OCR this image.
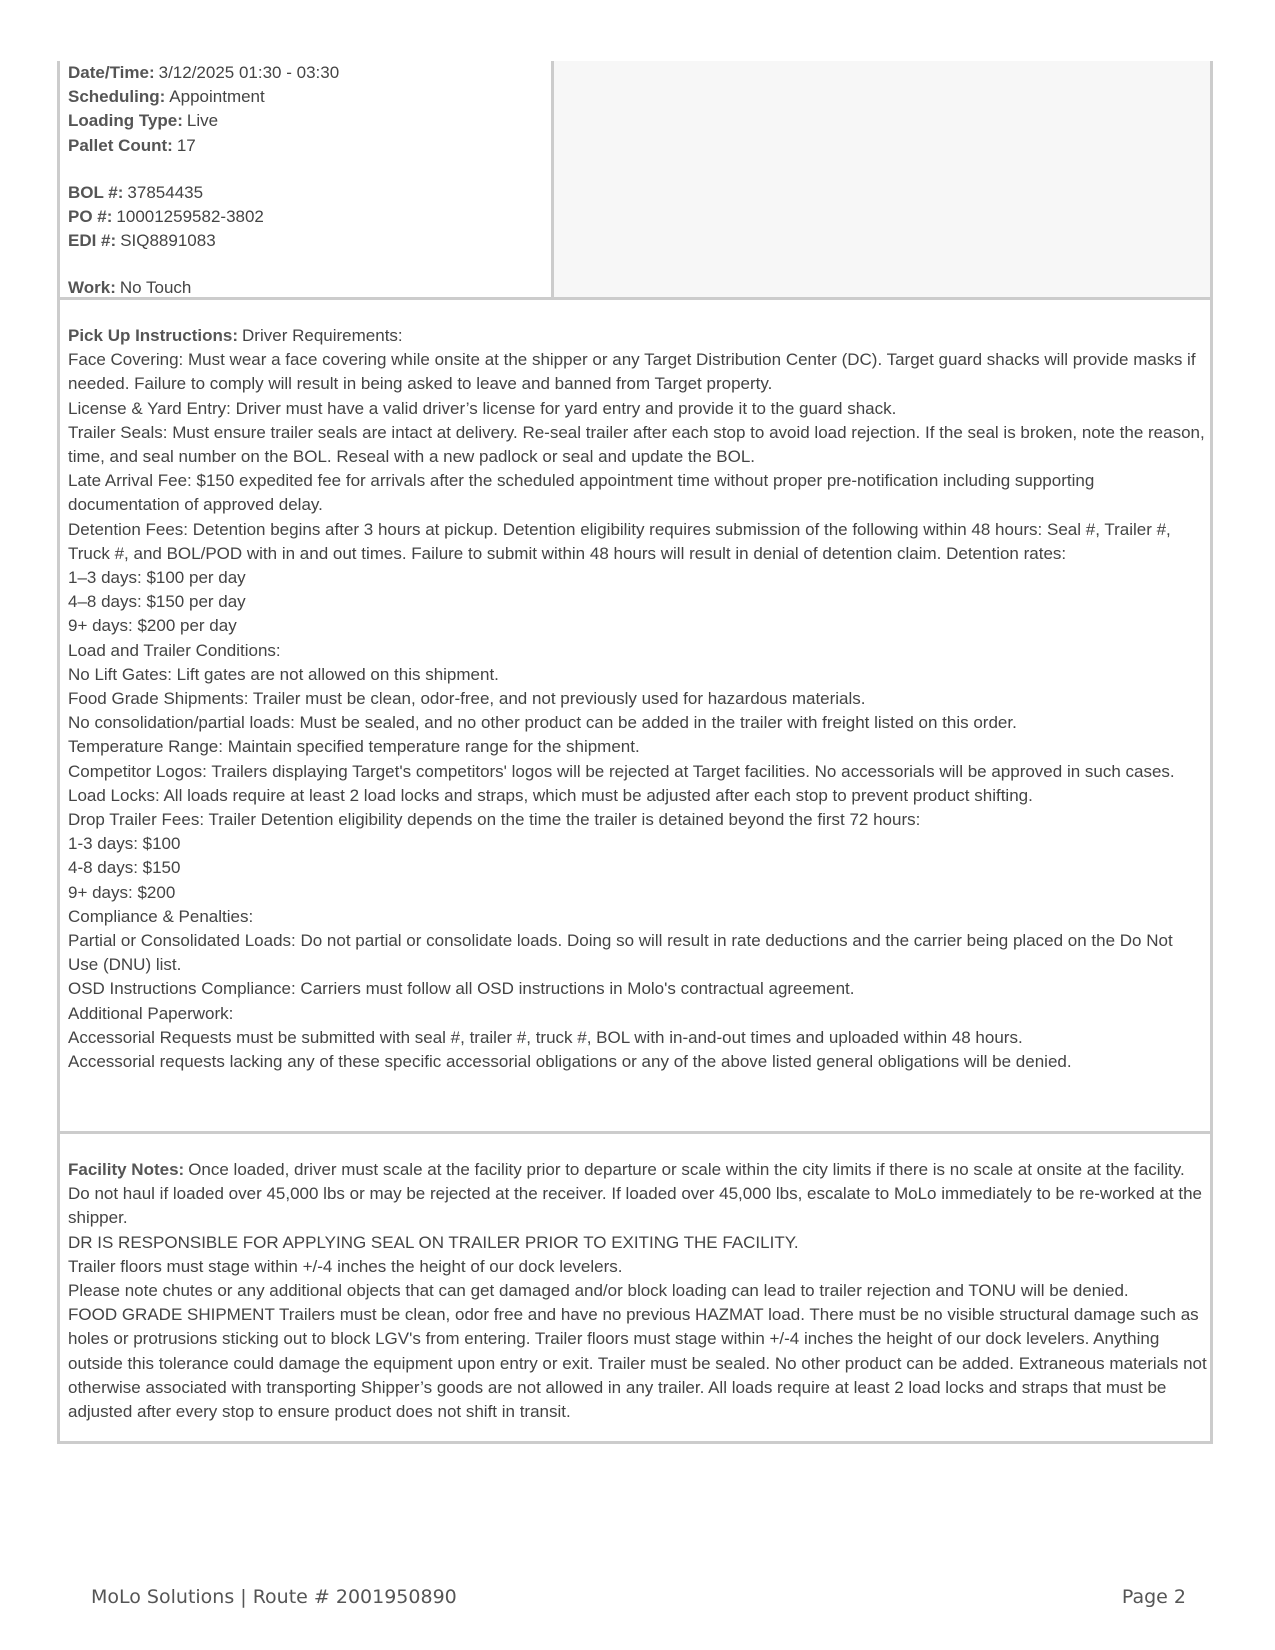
Date/Time: 3/12/2025 01:30 - 03:30
Scheduling: Appointment
Loading Type: Live
Pallet Count: 17
BOL #: 37854435
PO #: 10001259582-3802
EDI #: SIQ8891083
Work: No Touch

Pick Up Instructions: Driver Requirements:

Face Covering: Must wear a face covering while onsite at the shipper or any Target Distribution Center (DC). Target guard shacks will provide masks if needed. Failure to comply will result in being asked to leave and banned from Target property.

License & Yard Entry: Driver must have a valid driver’s license for yard entry and provide it to the guard shack.

Trailer Seals: Must ensure trailer seals are intact at delivery. Re-seal trailer after each stop to avoid load rejection. If the seal is broken, note the reason, time, and seal number on the BOL. Reseal with a new padlock or seal and update the BOL.

Late Arrival Fee: $150 expedited fee for arrivals after the scheduled appointment time without proper pre-notification including supporting documentation of approved delay.

Detention Fees: Detention begins after 3 hours at pickup. Detention eligibility requires submission of the following within 48 hours: Seal #, Trailer #, Truck #, and BOL/POD with in and out times. Failure to submit within 48 hours will result in denial of detention claim. Detention rates:

1–3 days: $100 per day

4–8 days: $150 per day

9+ days: $200 per day

Load and Trailer Conditions:

No Lift Gates: Lift gates are not allowed on this shipment.

Food Grade Shipments: Trailer must be clean, odor-free, and not previously used for hazardous materials.

No consolidation/partial loads: Must be sealed, and no other product can be added in the trailer with freight listed on this order.

Temperature Range: Maintain specified temperature range for the shipment.

Competitor Logos: Trailers displaying Target's competitors' logos will be rejected at Target facilities. No accessorials will be approved in such cases.

Load Locks: All loads require at least 2 load locks and straps, which must be adjusted after each stop to prevent product shifting.

Drop Trailer Fees: Trailer Detention eligibility depends on the time the trailer is detained beyond the first 72 hours:

1-3 days: $100

4-8 days: $150

9+ days: $200

Compliance & Penalties:

Partial or Consolidated Loads: Do not partial or consolidate loads. Doing so will result in rate deductions and the carrier being placed on the Do Not Use (DNU) list.

OSD Instructions Compliance: Carriers must follow all OSD instructions in Molo's contractual agreement.

Additional Paperwork:

Accessorial Requests must be submitted with seal #, trailer #, truck #, BOL with in-and-out times and uploaded within 48 hours.

Accessorial requests lacking any of these specific accessorial obligations or any of the above listed general obligations will be denied.

Facility Notes: Once loaded, driver must scale at the facility prior to departure or scale within the city limits if there is no scale at onsite at the facility. Do not haul if loaded over 45,000 lbs or may be rejected at the receiver. If loaded over 45,000 lbs, escalate to MoLo immediately to be re-worked at the shipper.

DR IS RESPONSIBLE FOR APPLYING SEAL ON TRAILER PRIOR TO EXITING THE FACILITY.

Trailer floors must stage within +/-4 inches the height of our dock levelers.

Please note chutes or any additional objects that can get damaged and/or block loading can lead to trailer rejection and TONU will be denied.

FOOD GRADE SHIPMENT Trailers must be clean, odor free and have no previous HAZMAT load. There must be no visible structural damage such as holes or protrusions sticking out to block LGV's from entering. Trailer floors must stage within +/-4 inches the height of our dock levelers. Anything outside this tolerance could damage the equipment upon entry or exit. Trailer must be sealed. No other product can be added. Extraneous materials not otherwise associated with transporting Shipper’s goods are not allowed in any trailer. All loads require at least 2 load locks and straps that must be adjusted after every stop to ensure product does not shift in transit.

MoLo Solutions | Route # 2001950890	Page 2
